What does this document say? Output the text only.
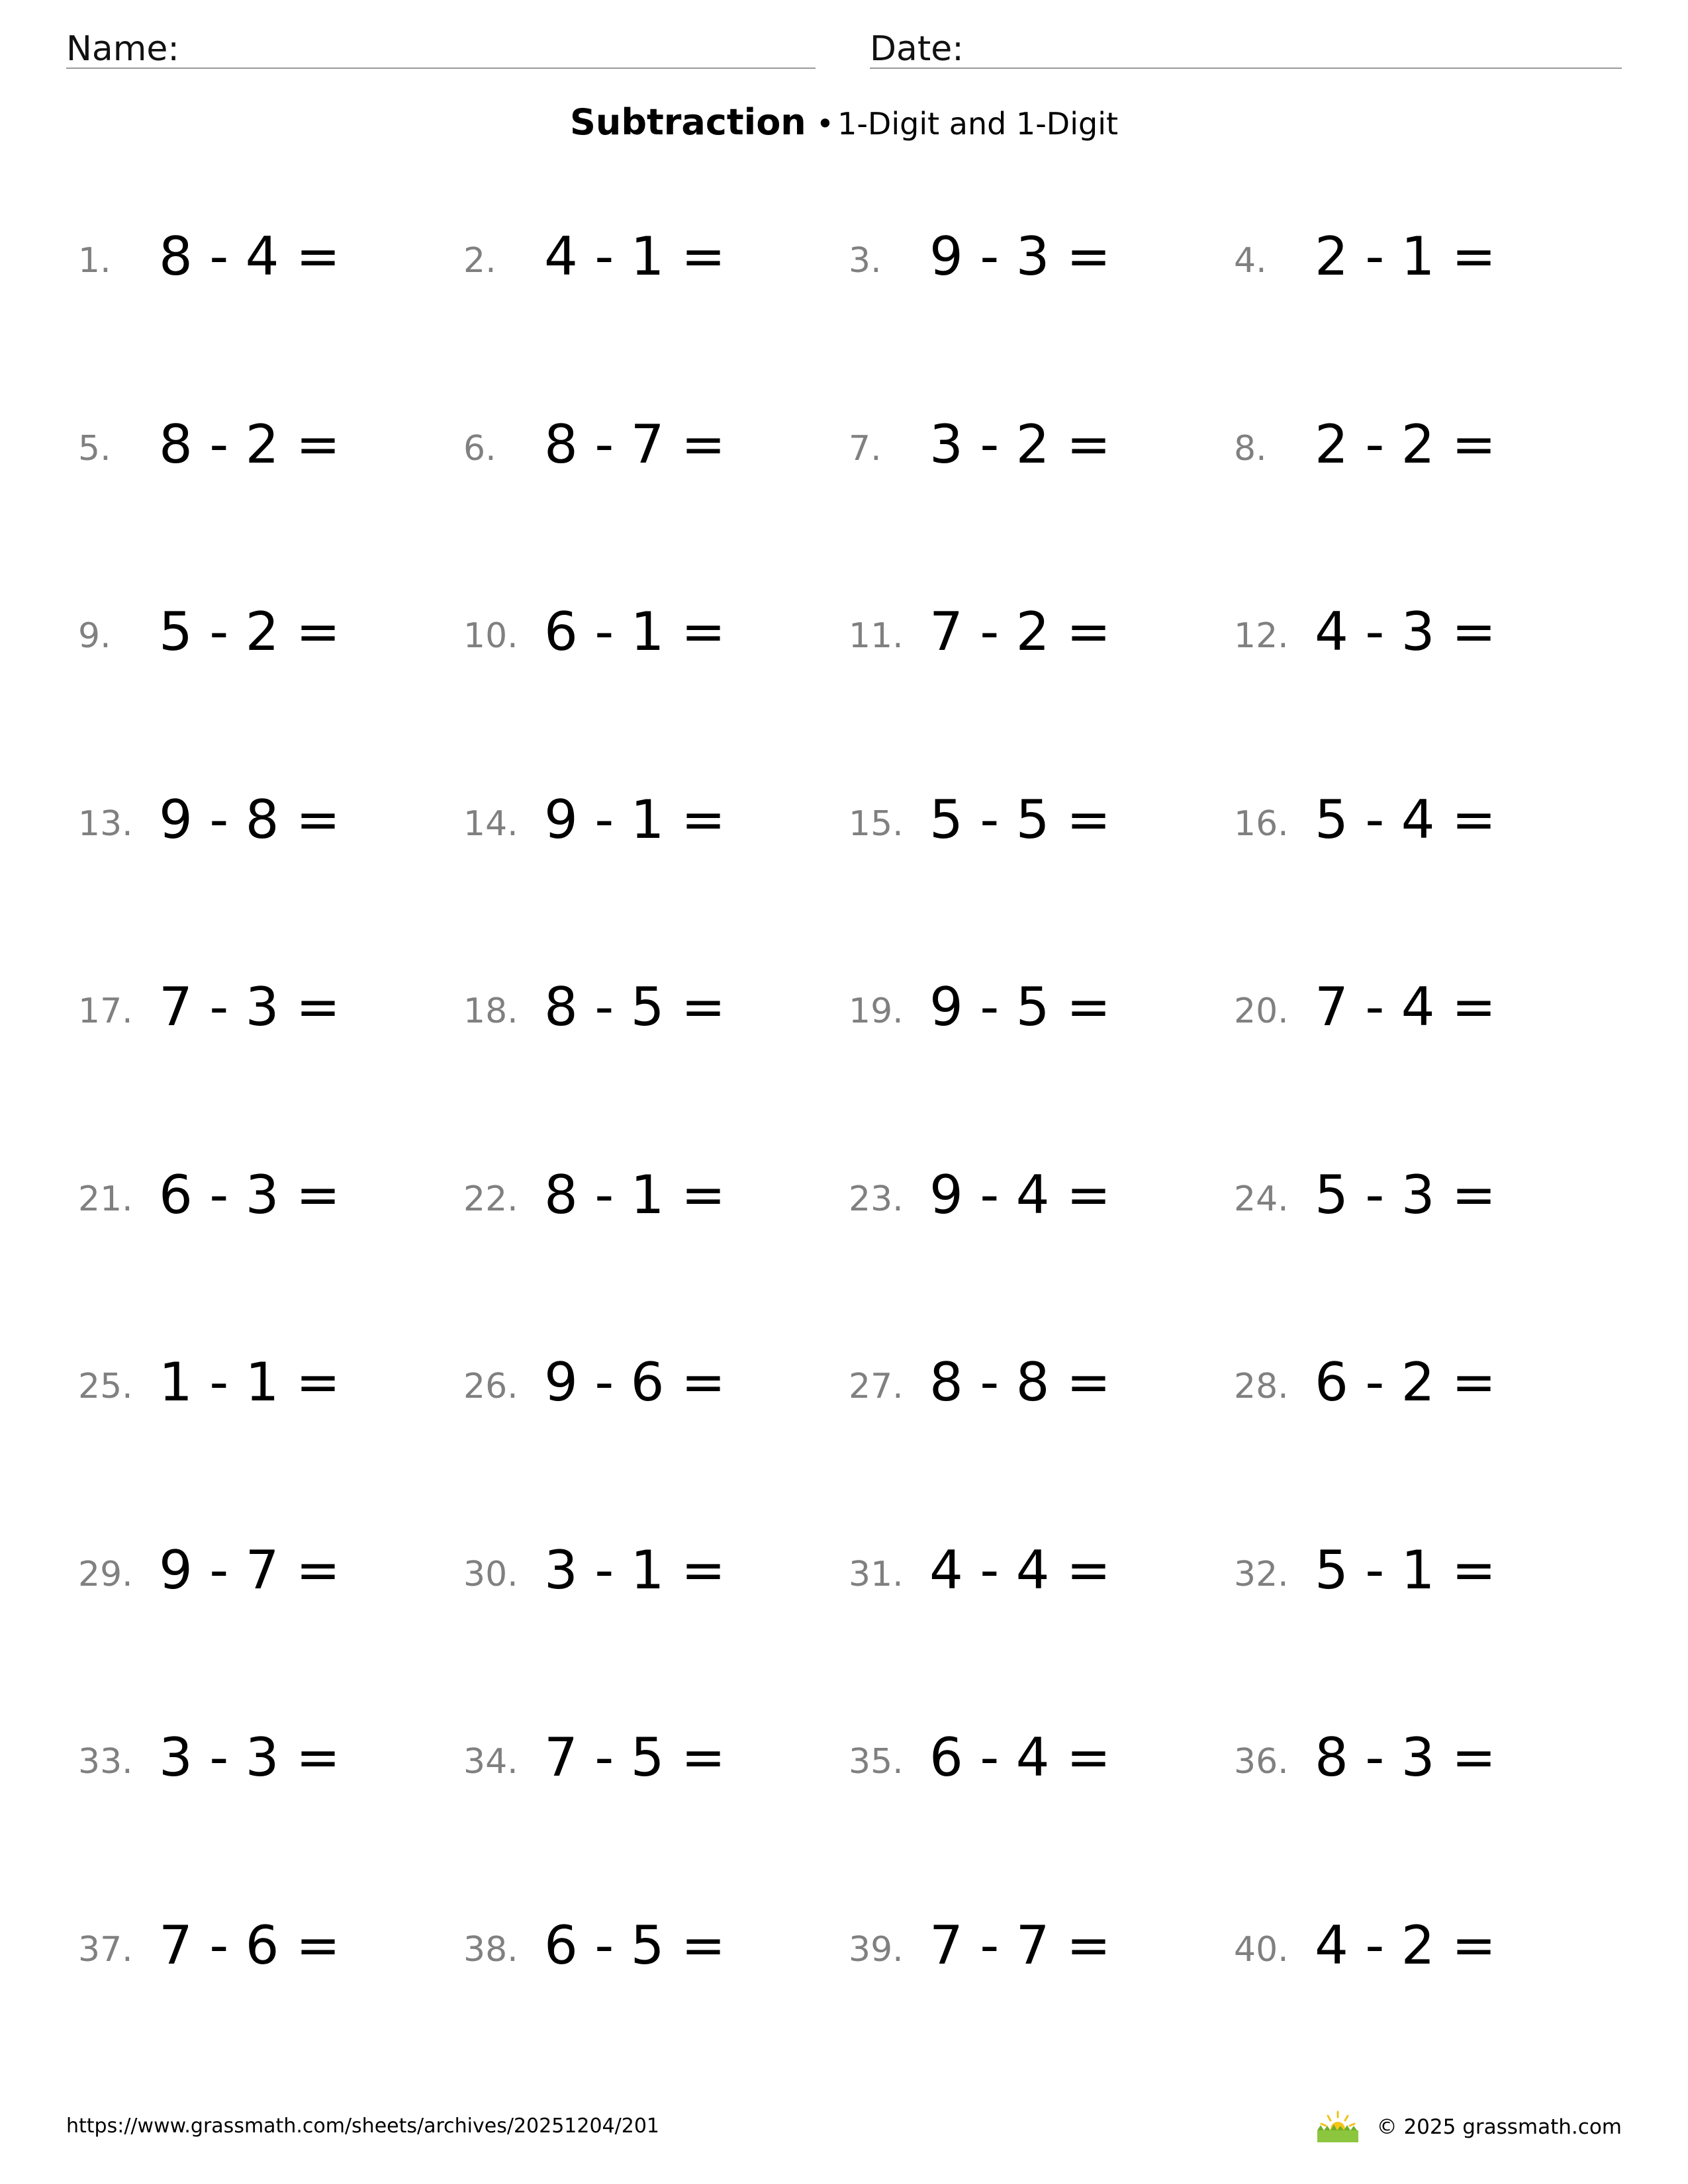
Name:	Date:
Subtraction • 1-Digit and 1-Digit
1. 8 - 4 =	2. 4 - 1 =	3. 9 - 3 =	4. 2 - 1 =
5. 8 - 2 =	6. 8 - 7 =	7. 3 - 2 =	8. 2 - 2 =
9. 5 - 2 =	10. 6 - 1 =	11. 7 - 2 =	12. 4 - 3 =
13. 9 - 8 =	14. 9 - 1 =	15. 5 - 5 =	16. 5 - 4 =
17. 7 - 3 =	18. 8 - 5 =	19. 9 - 5 =	20. 7 - 4 =
21. 6 - 3 =	22. 8 - 1 =	23. 9 - 4 =	24. 5 - 3 =
25. 1 - 1 =	26. 9 - 6 =	27. 8 - 8 =	28. 6 - 2 =
29. 9 - 7 =	30. 3 - 1 =	31. 4 - 4 =	32. 5 - 1 =
33. 3 - 3 =	34. 7 - 5 =	35. 6 - 4 =	36. 8 - 3 =
37. 7 - 6 =	38. 6 - 5 =	39. 7 - 7 =	40. 4 - 2 =
https://www.grassmath.com/sheets/archives/20251204/201	© 2025 grassmath.com
